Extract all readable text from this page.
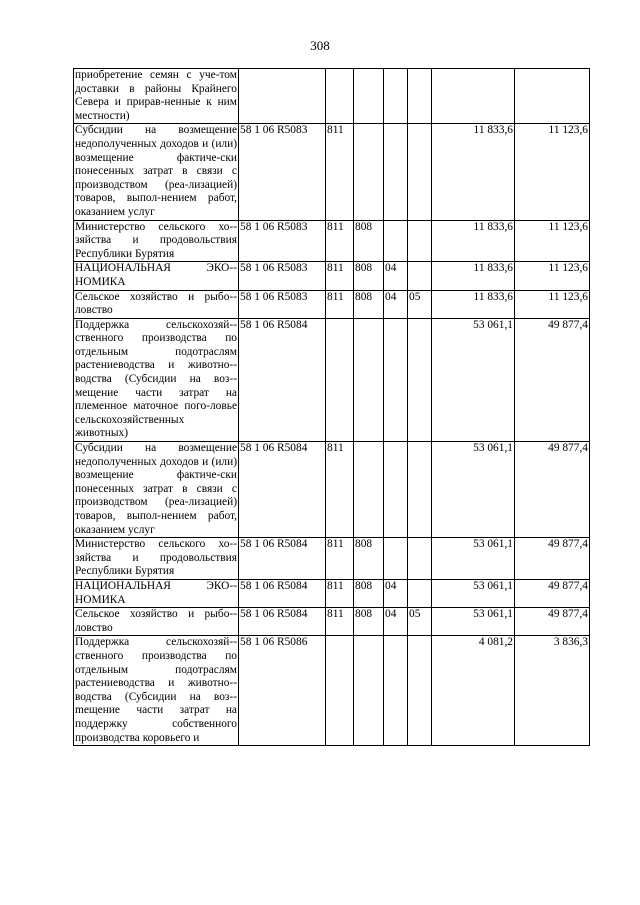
308
приобретение семян с уче-том доставки в районы Крайнего Севера и прирав-ненные к ним местности)							
Субсидии на возмещение недополученных доходов и (или) возмещение фактиче-ски понесенных затрат в связи с производством (реа-лизацией) товаров, выпол-нением работ, оказанием услуг	58 1 06 R5083	811				11 833,6	11 123,6
Министерство сельского хо-зяйства и продовольствия Республики Бурятия	58 1 06 R5083	811	808			11 833,6	11 123,6
НАЦИОНАЛЬНАЯ ЭКО-НОМИКА	58 1 06 R5083	811	808	04		11 833,6	11 123,6
Сельское хозяйство и рыбо-ловство	58 1 06 R5083	811	808	04	05	11 833,6	11 123,6
Поддержка сельскохозяй-ственного производства по отдельным подотраслям растениеводства и животно-водства (Субсидии на воз-мещение части затрат на племенное маточное пого-ловье сельскохозяйственных животных)	58 1 06 R5084					53 061,1	49 877,4
Субсидии на возмещение недополученных доходов и (или) возмещение фактиче-ски понесенных затрат в связи с производством (реа-лизацией) товаров, выпол-нением работ, оказанием услуг	58 1 06 R5084	811				53 061,1	49 877,4
Министерство сельского хо-зяйства и продовольствия Республики Бурятия	58 1 06 R5084	811	808			53 061,1	49 877,4
НАЦИОНАЛЬНАЯ ЭКО-НОМИКА	58 1 06 R5084	811	808	04		53 061,1	49 877,4
Сельское хозяйство и рыбо-ловство	58 1 06 R5084	811	808	04	05	53 061,1	49 877,4
Поддержка сельскохозяй-ственного производства по отдельным подотраслям растениеводства и животно-водства (Субсидии на воз-mещение части затрат на поддержку собственного производства коровьего и	58 1 06 R5086					4 081,2	3 836,3
